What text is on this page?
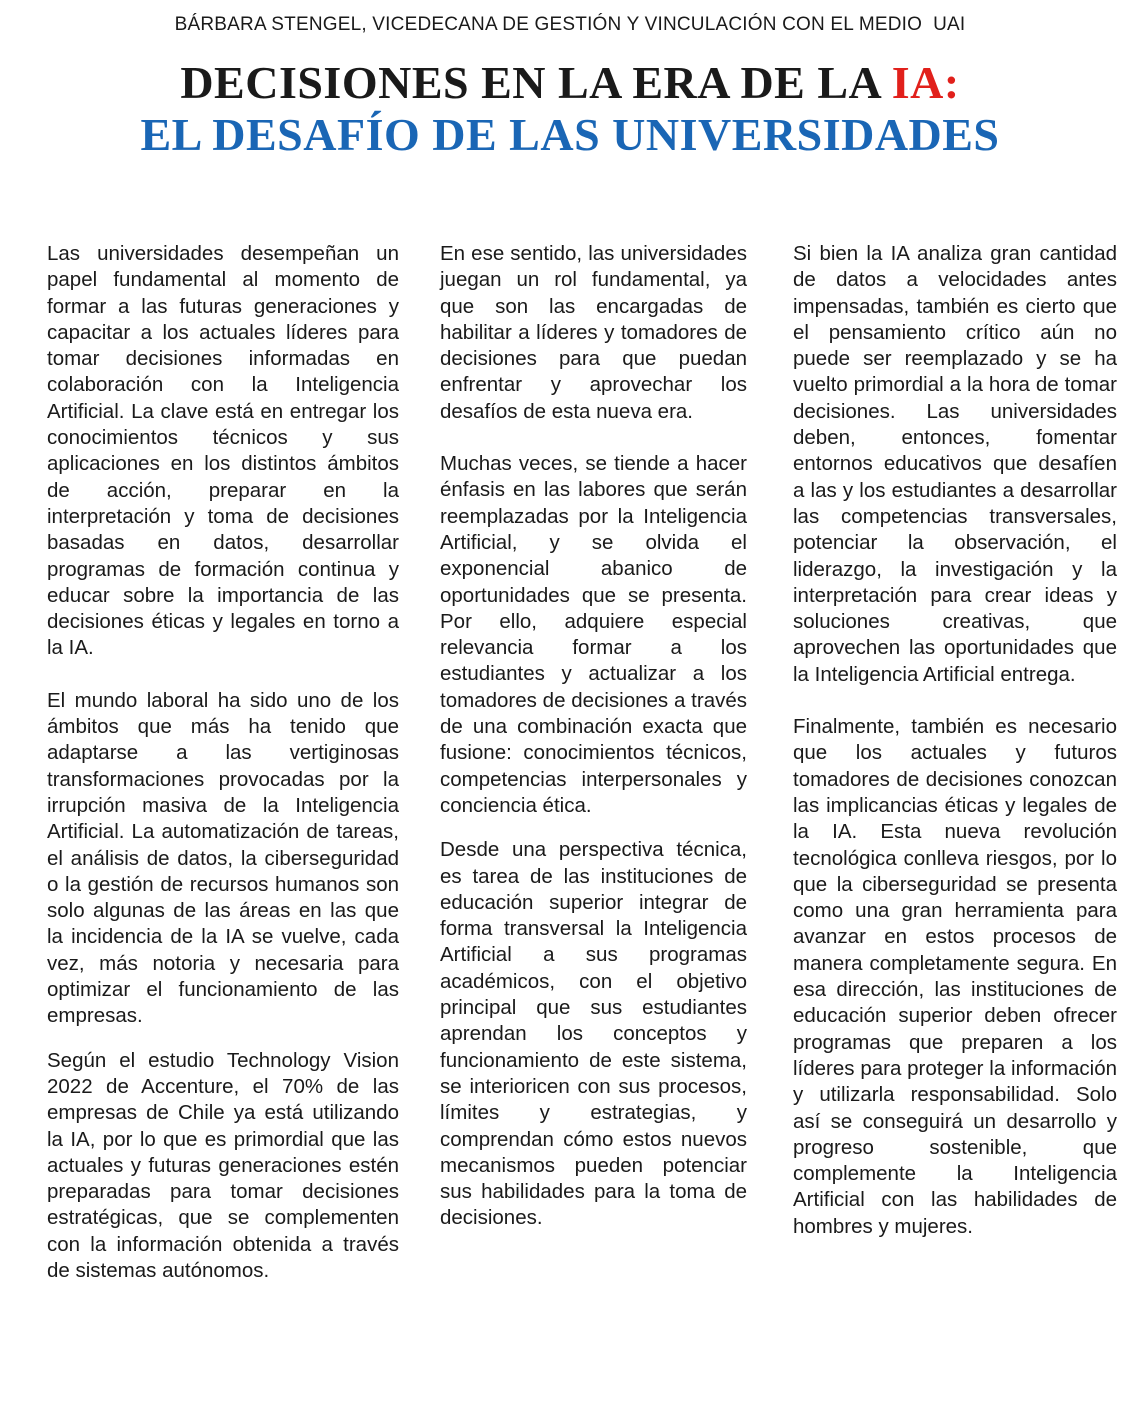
BÁRBARA STENGEL, VICEDECANA DE GESTIÓN Y VINCULACIÓN CON EL MEDIO  UAI
DECISIONES EN LA ERA DE LA IA:
EL DESAFÍO DE LAS UNIVERSIDADES

Las universidades desempeñan un papel fundamental al momento de formar a las futuras generaciones y capacitar a los actuales líderes para tomar decisiones informadas en colaboración con la Inteligencia Artificial. La clave está en entregar los conocimientos técnicos y sus aplicaciones en los distintos ámbitos de acción, preparar en la interpretación y toma de decisiones basadas en datos, desarrollar programas de formación continua y educar sobre la importancia de las decisiones éticas y legales en torno a la IA.

El mundo laboral ha sido uno de los ámbitos que más ha tenido que adaptarse a las vertiginosas transformaciones provocadas por la irrupción masiva de la Inteligencia Artificial. La automatización de tareas, el análisis de datos, la ciberseguridad o la gestión de recursos humanos son solo algunas de las áreas en las que la incidencia de la IA se vuelve, cada vez, más notoria y necesaria para optimizar el funcionamiento de las empresas.

Según el estudio Technology Vision 2022 de Accenture, el 70% de las empresas de Chile ya está utilizando la IA, por lo que es primordial que las actuales y futuras generaciones estén preparadas para tomar decisiones estratégicas, que se complementen con la información obtenida a través de sistemas autónomos.

En ese sentido, las universidades juegan un rol fundamental, ya que son las encargadas de habilitar a líderes y tomadores de decisiones para que puedan enfrentar y aprovechar los desafíos de esta nueva era.

Muchas veces, se tiende a hacer énfasis en las labores que serán reemplazadas por la Inteligencia Artificial, y se olvida el exponencial abanico de oportunidades que se presenta. Por ello, adquiere especial relevancia formar a los estudiantes y actualizar a los tomadores de decisiones a través de una combinación exacta que fusione: conocimientos técnicos, competencias interpersonales y conciencia ética.

Desde una perspectiva técnica, es tarea de las instituciones de educación superior integrar de forma transversal la Inteligencia Artificial a sus programas académicos, con el objetivo principal que sus estudiantes aprendan los conceptos y funcionamiento de este sistema, se interioricen con sus procesos, límites y estrategias, y comprendan cómo estos nuevos mecanismos pueden potenciar sus habilidades para la toma de decisiones.

Si bien la IA analiza gran cantidad de datos a velocidades antes impensadas, también es cierto que el pensamiento crítico aún no puede ser reemplazado y se ha vuelto primordial a la hora de tomar decisiones. Las universidades deben, entonces, fomentar entornos educativos que desafíen a las y los estudiantes a desarrollar las competencias transversales, potenciar la observación, el liderazgo, la investigación y la interpretación para crear ideas y soluciones creativas, que aprovechen las oportunidades que la Inteligencia Artificial entrega.

Finalmente, también es necesario que los actuales y futuros tomadores de decisiones conozcan las implicancias éticas y legales de la IA. Esta nueva revolución tecnológica conlleva riesgos, por lo que la ciberseguridad se presenta como una gran herramienta para avanzar en estos procesos de manera completamente segura. En esa dirección, las instituciones de educación superior deben ofrecer programas que preparen a los líderes para proteger la información y utilizarla responsabilidad. Solo así se conseguirá un desarrollo y progreso sostenible, que complemente la Inteligencia Artificial con las habilidades de hombres y mujeres.
